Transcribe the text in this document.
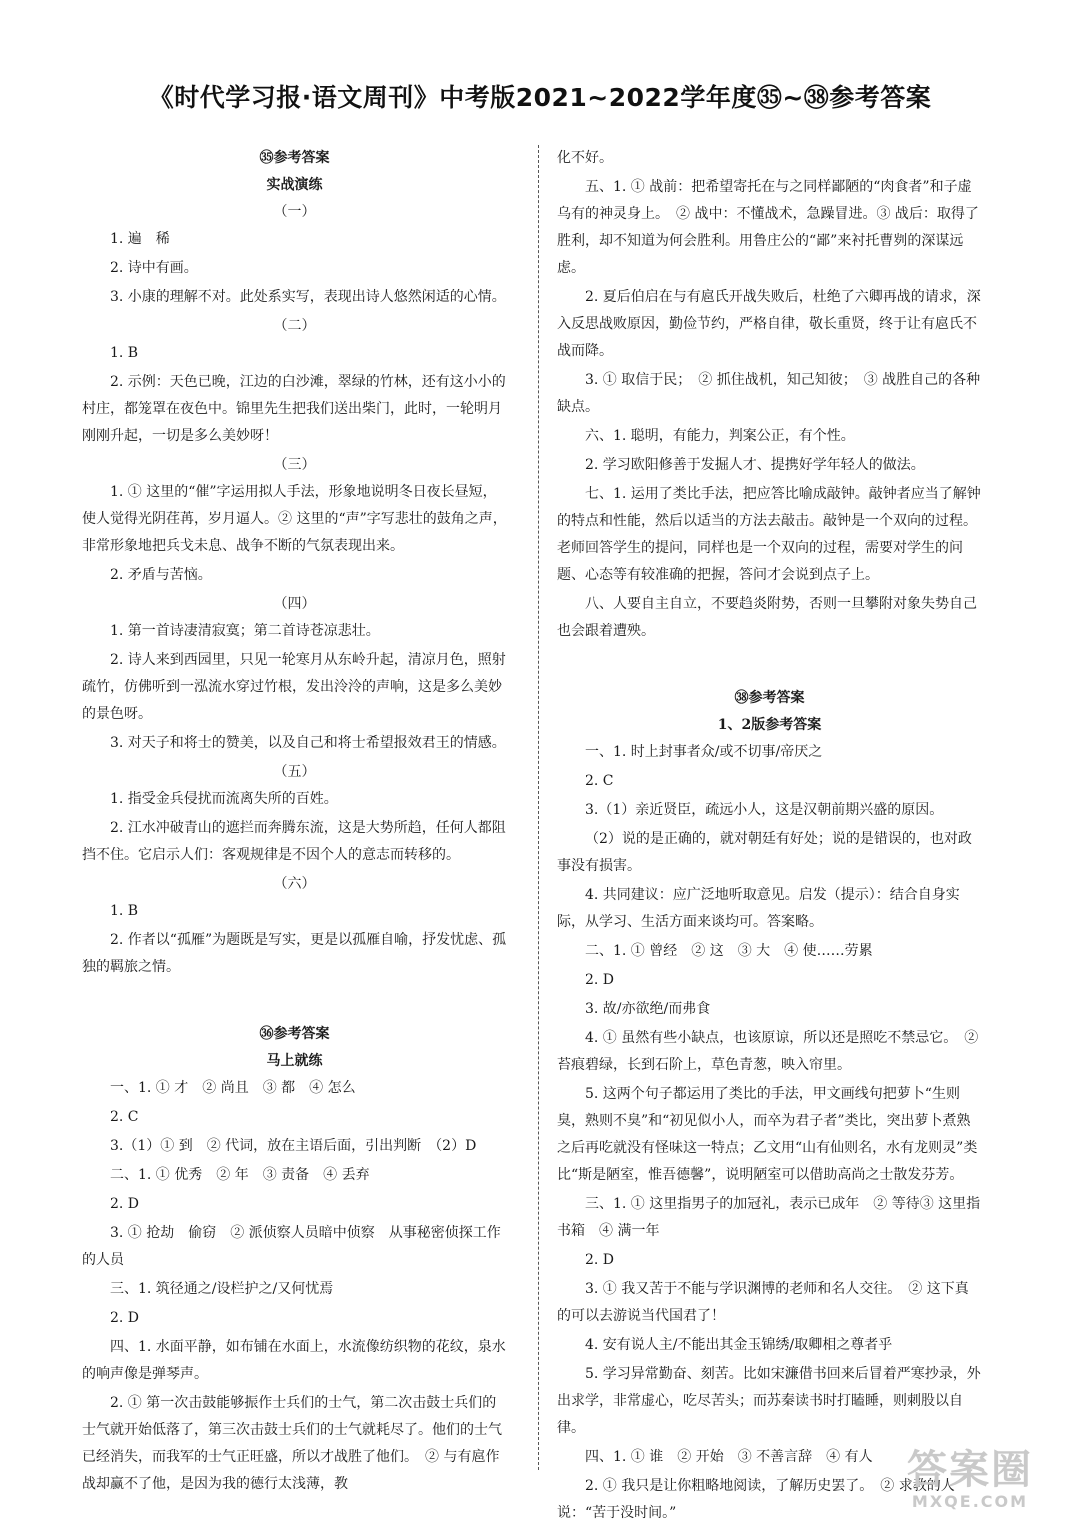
《时代学习报·语文周刊》中考版2021~2022学年度㉟~㊳参考答案
㉟参考答案
实战演练
（一）
1. 遍　稀
2. 诗中有画。
3. 小康的理解不对。此处系实写，表现出诗人悠然闲适的心情。
（二）
1. B
2. 示例：天色已晚，江边的白沙滩，翠绿的竹林，还有这小小的村庄，都笼罩在夜色中。锦里先生把我们送出柴门，此时，一轮明月刚刚升起，一切是多么美妙呀！
（三）
1. ① 这里的“催”字运用拟人手法，形象地说明冬日夜长昼短，使人觉得光阴荏苒，岁月逼人。② 这里的“声”字写悲壮的鼓角之声，非常形象地把兵戈未息、战争不断的气氛表现出来。
2. 矛盾与苦恼。
（四）
1. 第一首诗凄清寂寞；第二首诗苍凉悲壮。
2. 诗人来到西园里，只见一轮寒月从东岭升起，清凉月色，照射疏竹，仿佛听到一泓流水穿过竹根，发出泠泠的声响，这是多么美妙的景色呀。
3. 对天子和将士的赞美，以及自己和将士希望报效君王的情感。
（五）
1. 指受金兵侵扰而流离失所的百姓。
2. 江水冲破青山的遮拦而奔腾东流，这是大势所趋，任何人都阻挡不住。它启示人们：客观规律是不因个人的意志而转移的。
（六）
1. B
2. 作者以“孤雁”为题既是写实，更是以孤雁自喻，抒发忧虑、孤独的羁旅之情。
㊱参考答案
马上就练
一、1. ① 才　② 尚且　③ 都　④ 怎么
2. C
3.（1）① 到　② 代词，放在主语后面，引出判断　（2）D
二、1. ① 优秀　② 年　③ 责备　④ 丢弃
2. D
3. ① 抢劫　偷窃　② 派侦察人员暗中侦察　从事秘密侦探工作的人员
三、1. 筑径通之/设栏护之/又何忧焉
2. D
四、1. 水面平静，如布铺在水面上，水流像纺织物的花纹，泉水的响声像是弹琴声。
2. ① 第一次击鼓能够振作士兵们的士气，第二次击鼓士兵们的士气就开始低落了，第三次击鼓士兵们的士气就耗尽了。他们的士气已经消失，而我军的士气正旺盛，所以才战胜了他们。　② 与有扈作战却赢不了他，是因为我的德行太浅薄，教
化不好。
五、1. ① 战前：把希望寄托在与之同样鄙陋的“肉食者”和子虚乌有的神灵身上。　② 战中：不懂战术，急躁冒进。③ 战后：取得了胜利，却不知道为何会胜利。用鲁庄公的“鄙”来衬托曹刿的深谋远虑。
2. 夏后伯启在与有扈氏开战失败后，杜绝了六卿再战的请求，深入反思战败原因，勤俭节约，严格自律，敬长重贤，终于让有扈氏不战而降。
3. ① 取信于民；　② 抓住战机，知己知彼；　③ 战胜自己的各种缺点。
六、1. 聪明，有能力，判案公正，有个性。
2. 学习欧阳修善于发掘人才、提携好学年轻人的做法。
七、1. 运用了类比手法，把应答比喻成敲钟。敲钟者应当了解钟的特点和性能，然后以适当的方法去敲击。敲钟是一个双向的过程。老师回答学生的提问，同样也是一个双向的过程，需要对学生的问题、心态等有较准确的把握，答问才会说到点子上。
八、人要自主自立，不要趋炎附势，否则一旦攀附对象失势自己也会跟着遭殃。
㊳参考答案
1、2版参考答案
一、1. 时上封事者众/或不切事/帝厌之
2. C
3.（1）亲近贤臣，疏远小人，这是汉朝前期兴盛的原因。
（2）说的是正确的，就对朝廷有好处；说的是错误的，也对政事没有损害。
4. 共同建议：应广泛地听取意见。启发（提示）：结合自身实际，从学习、生活方面来谈均可。答案略。
二、1. ① 曾经　② 这　③ 大　④ 使……劳累
2. D
3. 故/亦欲绝/而弗食
4. ① 虽然有些小缺点，也该原谅，所以还是照吃不禁忌它。　② 苔痕碧绿，长到石阶上，草色青葱，映入帘里。
5. 这两个句子都运用了类比的手法，甲文画线句把萝卜“生则臭，熟则不臭”和“初见似小人，而卒为君子者”类比，突出萝卜煮熟之后再吃就没有怪味这一特点；乙文用“山有仙则名，水有龙则灵”类比“斯是陋室，惟吾德馨”，说明陋室可以借助高尚之士散发芬芳。
三、1. ① 这里指男子的加冠礼，表示已成年　② 等待③ 这里指书箱　④ 满一年
2. D
3. ① 我又苦于不能与学识渊博的老师和名人交往。　② 这下真的可以去游说当代国君了！
4. 安有说人主/不能出其金玉锦绣/取卿相之尊者乎
5. 学习异常勤奋、刻苦。比如宋濂借书回来后冒着严寒抄录，外出求学，非常虚心，吃尽苦头；而苏秦读书时打瞌睡，则刺股以自律。
四、1. ① 谁　② 开始　③ 不善言辞　④ 有人
2. ① 我只是让你粗略地阅读，了解历史罢了。　② 求教的人说：“苦于没时间。”
答案圈
MXQE.COM
